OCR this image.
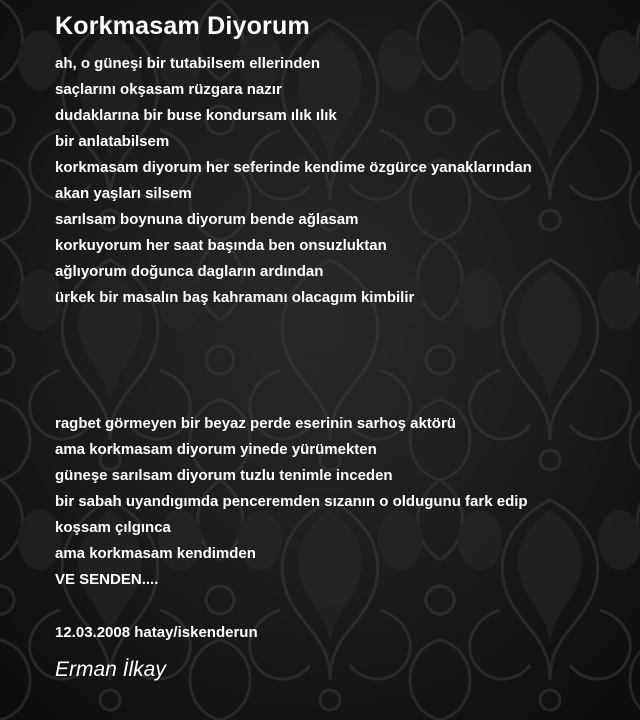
Korkmasam Diyorum
ah, o güneşi bir tutabilsem ellerinden
saçlarını okşasam rüzgara nazır
dudaklarına bir buse kondursam ılık ılık
bir anlatabilsem
korkmasam diyorum her seferinde kendime özgürce yanaklarından
akan yaşları silsem
sarılsam boynuna diyorum bende ağlasam
korkuyorum her saat başında ben onsuzluktan
ağlıyorum doğunca dagların ardından
ürkek bir masalın baş kahramanı olacagım kimbilir
ragbet görmeyen bir beyaz perde eserinin sarhoş aktörü
ama korkmasam diyorum yinede yürümekten
güneşe sarılsam diyorum tuzlu tenimle inceden
bir sabah uyandıgımda penceremden sızanın o oldugunu fark edip
koşsam çılgınca
ama korkmasam kendimden
VE SENDEN....
12.03.2008 hatay/iskenderun
Erman İlkay
